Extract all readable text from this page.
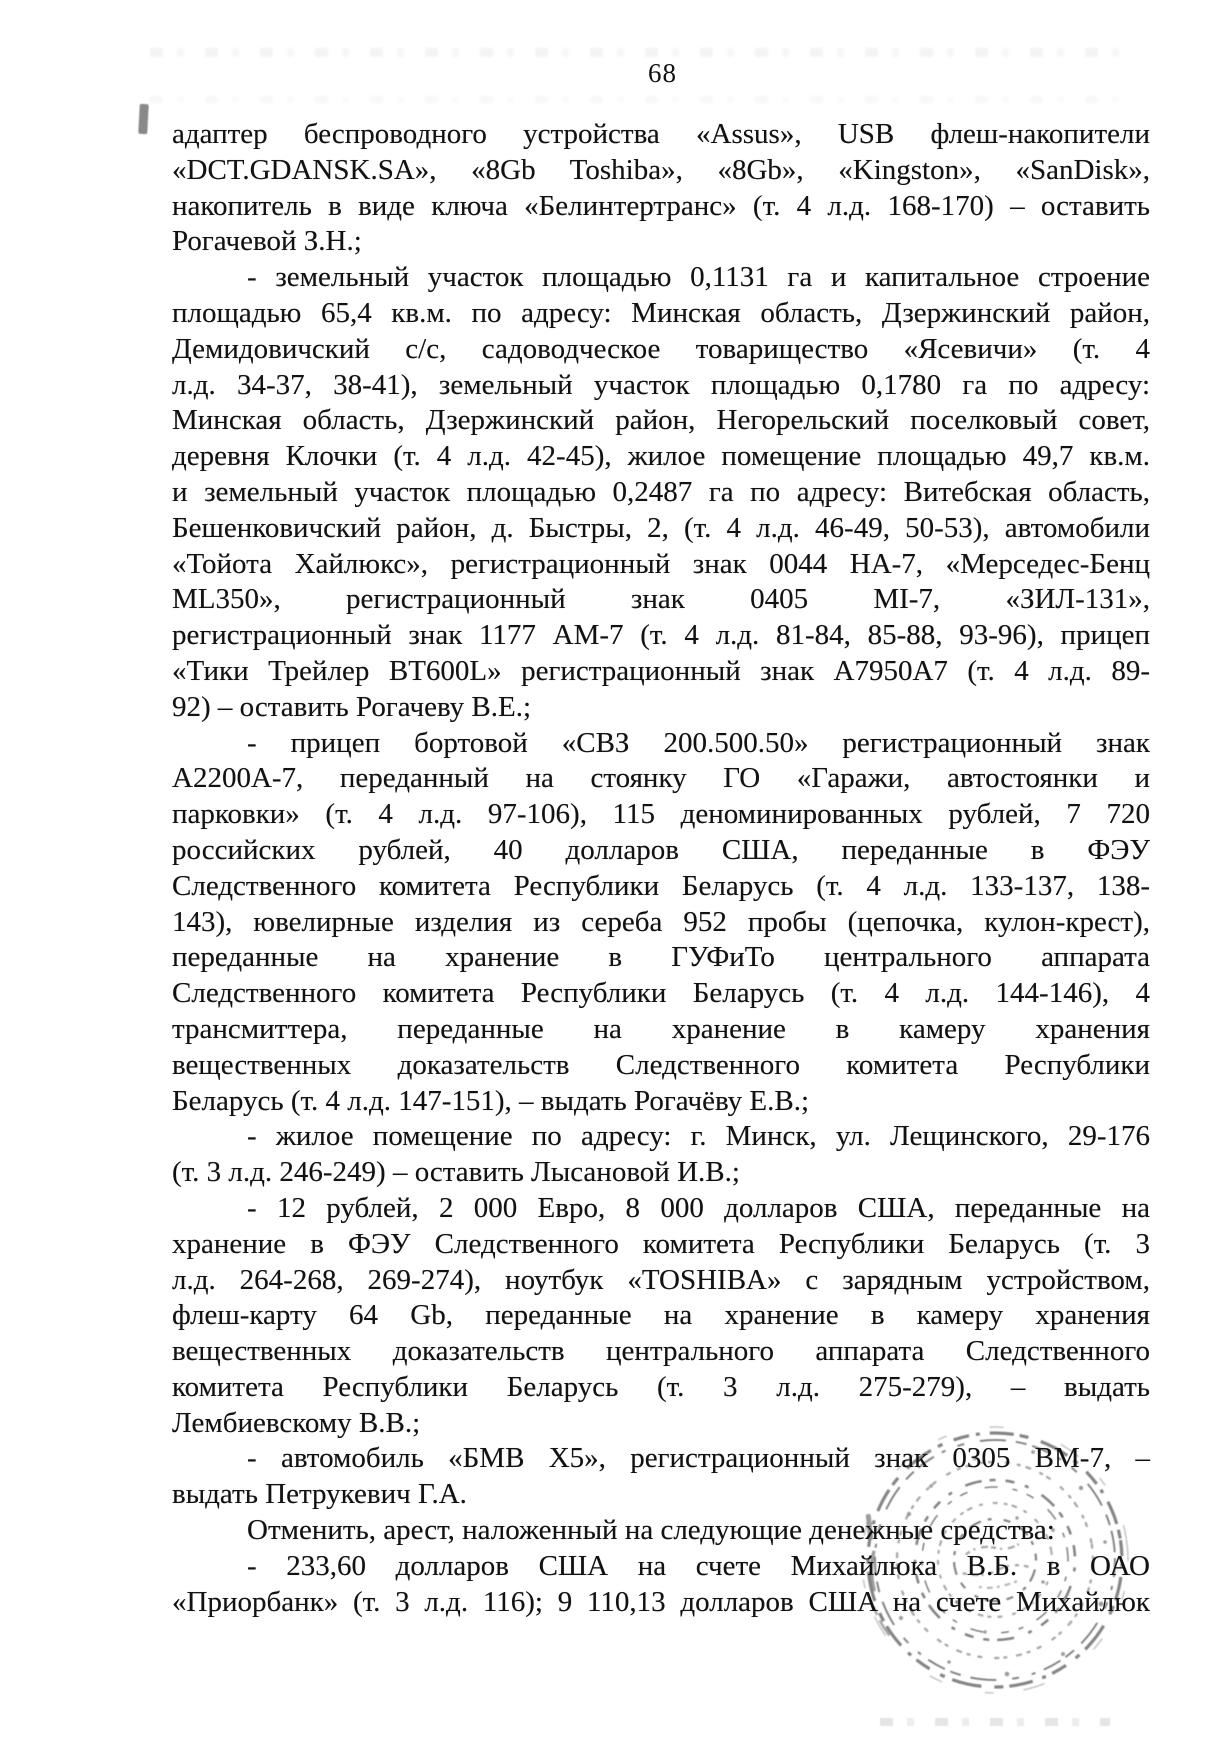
68
адаптер беспроводного устройства «Assus», USB флеш-накопители
«DCT.GDANSK.SA», «8Gb Toshiba», «8Gb», «Kingston», «SanDisk»,
накопитель в виде ключа «Белинтертранс» (т. 4 л.д. 168-170) – оставить
Рогачевой З.Н.;
- земельный участок площадью 0,1131 га и капитальное строение
площадью 65,4 кв.м. по адресу: Минская область, Дзержинский район,
Демидовичский с/с, садоводческое товарищество «Ясевичи» (т. 4
л.д. 34-37, 38-41), земельный участок площадью 0,1780 га по адресу:
Минская область, Дзержинский район, Негорельский поселковый совет,
деревня Клочки (т. 4 л.д. 42-45), жилое помещение площадью 49,7 кв.м.
и земельный участок площадью 0,2487 га по адресу: Витебская область,
Бешенковичский район, д. Быстры, 2, (т. 4 л.д. 46-49, 50-53), автомобили
«Тойота Хайлюкс», регистрационный знак 0044 НА-7, «Мерседес-Бенц
ML350», регистрационный знак 0405 МI-7, «ЗИЛ-131»,
регистрационный знак 1177 АМ-7 (т. 4 л.д. 81-84, 85-88, 93-96), прицеп
«Тики Трейлер BT600L» регистрационный знак А7950А7 (т. 4 л.д. 89-
92) – оставить Рогачеву В.Е.;
- прицеп бортовой «СВЗ 200.500.50» регистрационный знак
А2200А-7, переданный на стоянку ГО «Гаражи, автостоянки и
парковки» (т. 4 л.д. 97-106), 115 деноминированных рублей, 7 720
российских рублей, 40 долларов США, переданные в ФЭУ
Следственного комитета Республики Беларусь (т. 4 л.д. 133-137, 138-
143), ювелирные изделия из сереба 952 пробы (цепочка, кулон-крест),
переданные на хранение в ГУФиТо центрального аппарата
Следственного комитета Республики Беларусь (т. 4 л.д. 144-146), 4
трансмиттера, переданные на хранение в камеру хранения
вещественных доказательств Следственного комитета Республики
Беларусь (т. 4 л.д. 147-151), – выдать Рогачёву Е.В.;
- жилое помещение по адресу: г. Минск, ул. Лещинского, 29-176
(т. 3 л.д. 246-249) – оставить Лысановой И.В.;
- 12 рублей, 2 000 Евро, 8 000 долларов США, переданные на
хранение в ФЭУ Следственного комитета Республики Беларусь (т. 3
л.д. 264-268, 269-274), ноутбук «TOSHIBA» с зарядным устройством,
флеш-карту 64 Gb, переданные на хранение в камеру хранения
вещественных доказательств центрального аппарата Следственного
комитета Республики Беларусь (т. 3 л.д. 275-279), – выдать
Лембиевскому В.В.;
- автомобиль «БМВ Х5», регистрационный знак 0305 ВМ-7, –
выдать Петрукевич Г.А.
Отменить, арест, наложенный на следующие денежные средства:
- 233,60 долларов США на счете Михайлюка В.Б. в ОАО
«Приорбанк» (т. 3 л.д. 116); 9 110,13 долларов США на счете Михайлюк
